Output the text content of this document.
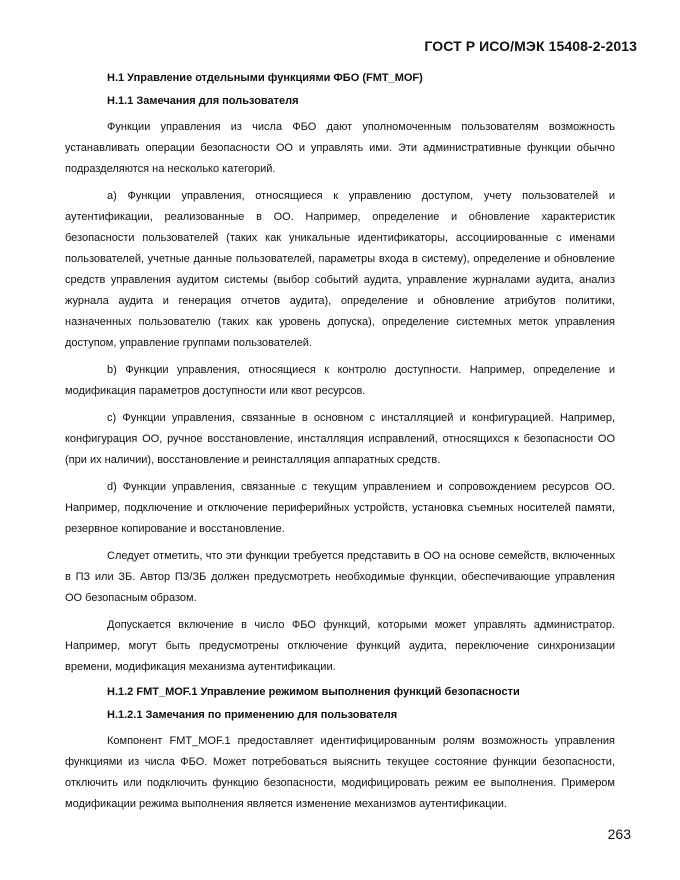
ГОСТ Р ИСО/МЭК 15408-2-2013

Н.1 Управление отдельными функциями ФБО (FMT_MOF)

Н.1.1 Замечания для пользователя

Функции управления из числа ФБО дают уполномоченным пользователям возможность устанавливать операции безопасности ОО и управлять ими. Эти административные функции обычно подразделяются на несколько категорий.

а) Функции управления, относящиеся к управлению доступом, учету пользователей и аутентификации, реализованные в ОО. Например, определение и обновление характеристик безопасности пользователей (таких как уникальные идентификаторы, ассоциированные с именами пользователей, учетные данные пользователей, параметры входа в систему), определение и обновление средств управления аудитом системы (выбор событий аудита, управление журналами аудита, анализ журнала аудита и генерация отчетов аудита), определение и обновление атрибутов политики, назначенных пользователю (таких как уровень допуска), определение системных меток управления доступом, управление группами пользователей.

b) Функции управления, относящиеся к контролю доступности. Например, определение и модификация параметров доступности или квот ресурсов.

с) Функции управления, связанные в основном с инсталляцией и конфигурацией. Например, конфигурация ОО, ручное восстановление, инсталляция исправлений, относящихся к безопасности ОО (при их наличии), восстановление и реинсталляция аппаратных средств.

d) Функции управления, связанные с текущим управлением и сопровождением ресурсов ОО. Например, подключение и отключение периферийных устройств, установка съемных носителей памяти, резервное копирование и восстановление.

Следует отметить, что эти функции требуется представить в ОО на основе семейств, включенных в ПЗ или ЗБ. Автор ПЗ/ЗБ должен предусмотреть необходимые функции, обеспечивающие управления ОО безопасным образом.

Допускается включение в число ФБО функций, которыми может управлять администратор. Например, могут быть предусмотрены отключение функций аудита, переключение синхронизации времени, модификация механизма аутентификации.

Н.1.2 FMT_MOF.1 Управление режимом выполнения функций безопасности

Н.1.2.1 Замечания по применению для пользователя

Компонент FMT_MOF.1 предоставляет идентифицированным ролям возможность управления функциями из числа ФБО. Может потребоваться выяснить текущее состояние функции безопасности, отключить или подключить функцию безопасности, модифицировать режим ее выполнения. Примером модификации режима выполнения является изменение механизмов аутентификации.

263
